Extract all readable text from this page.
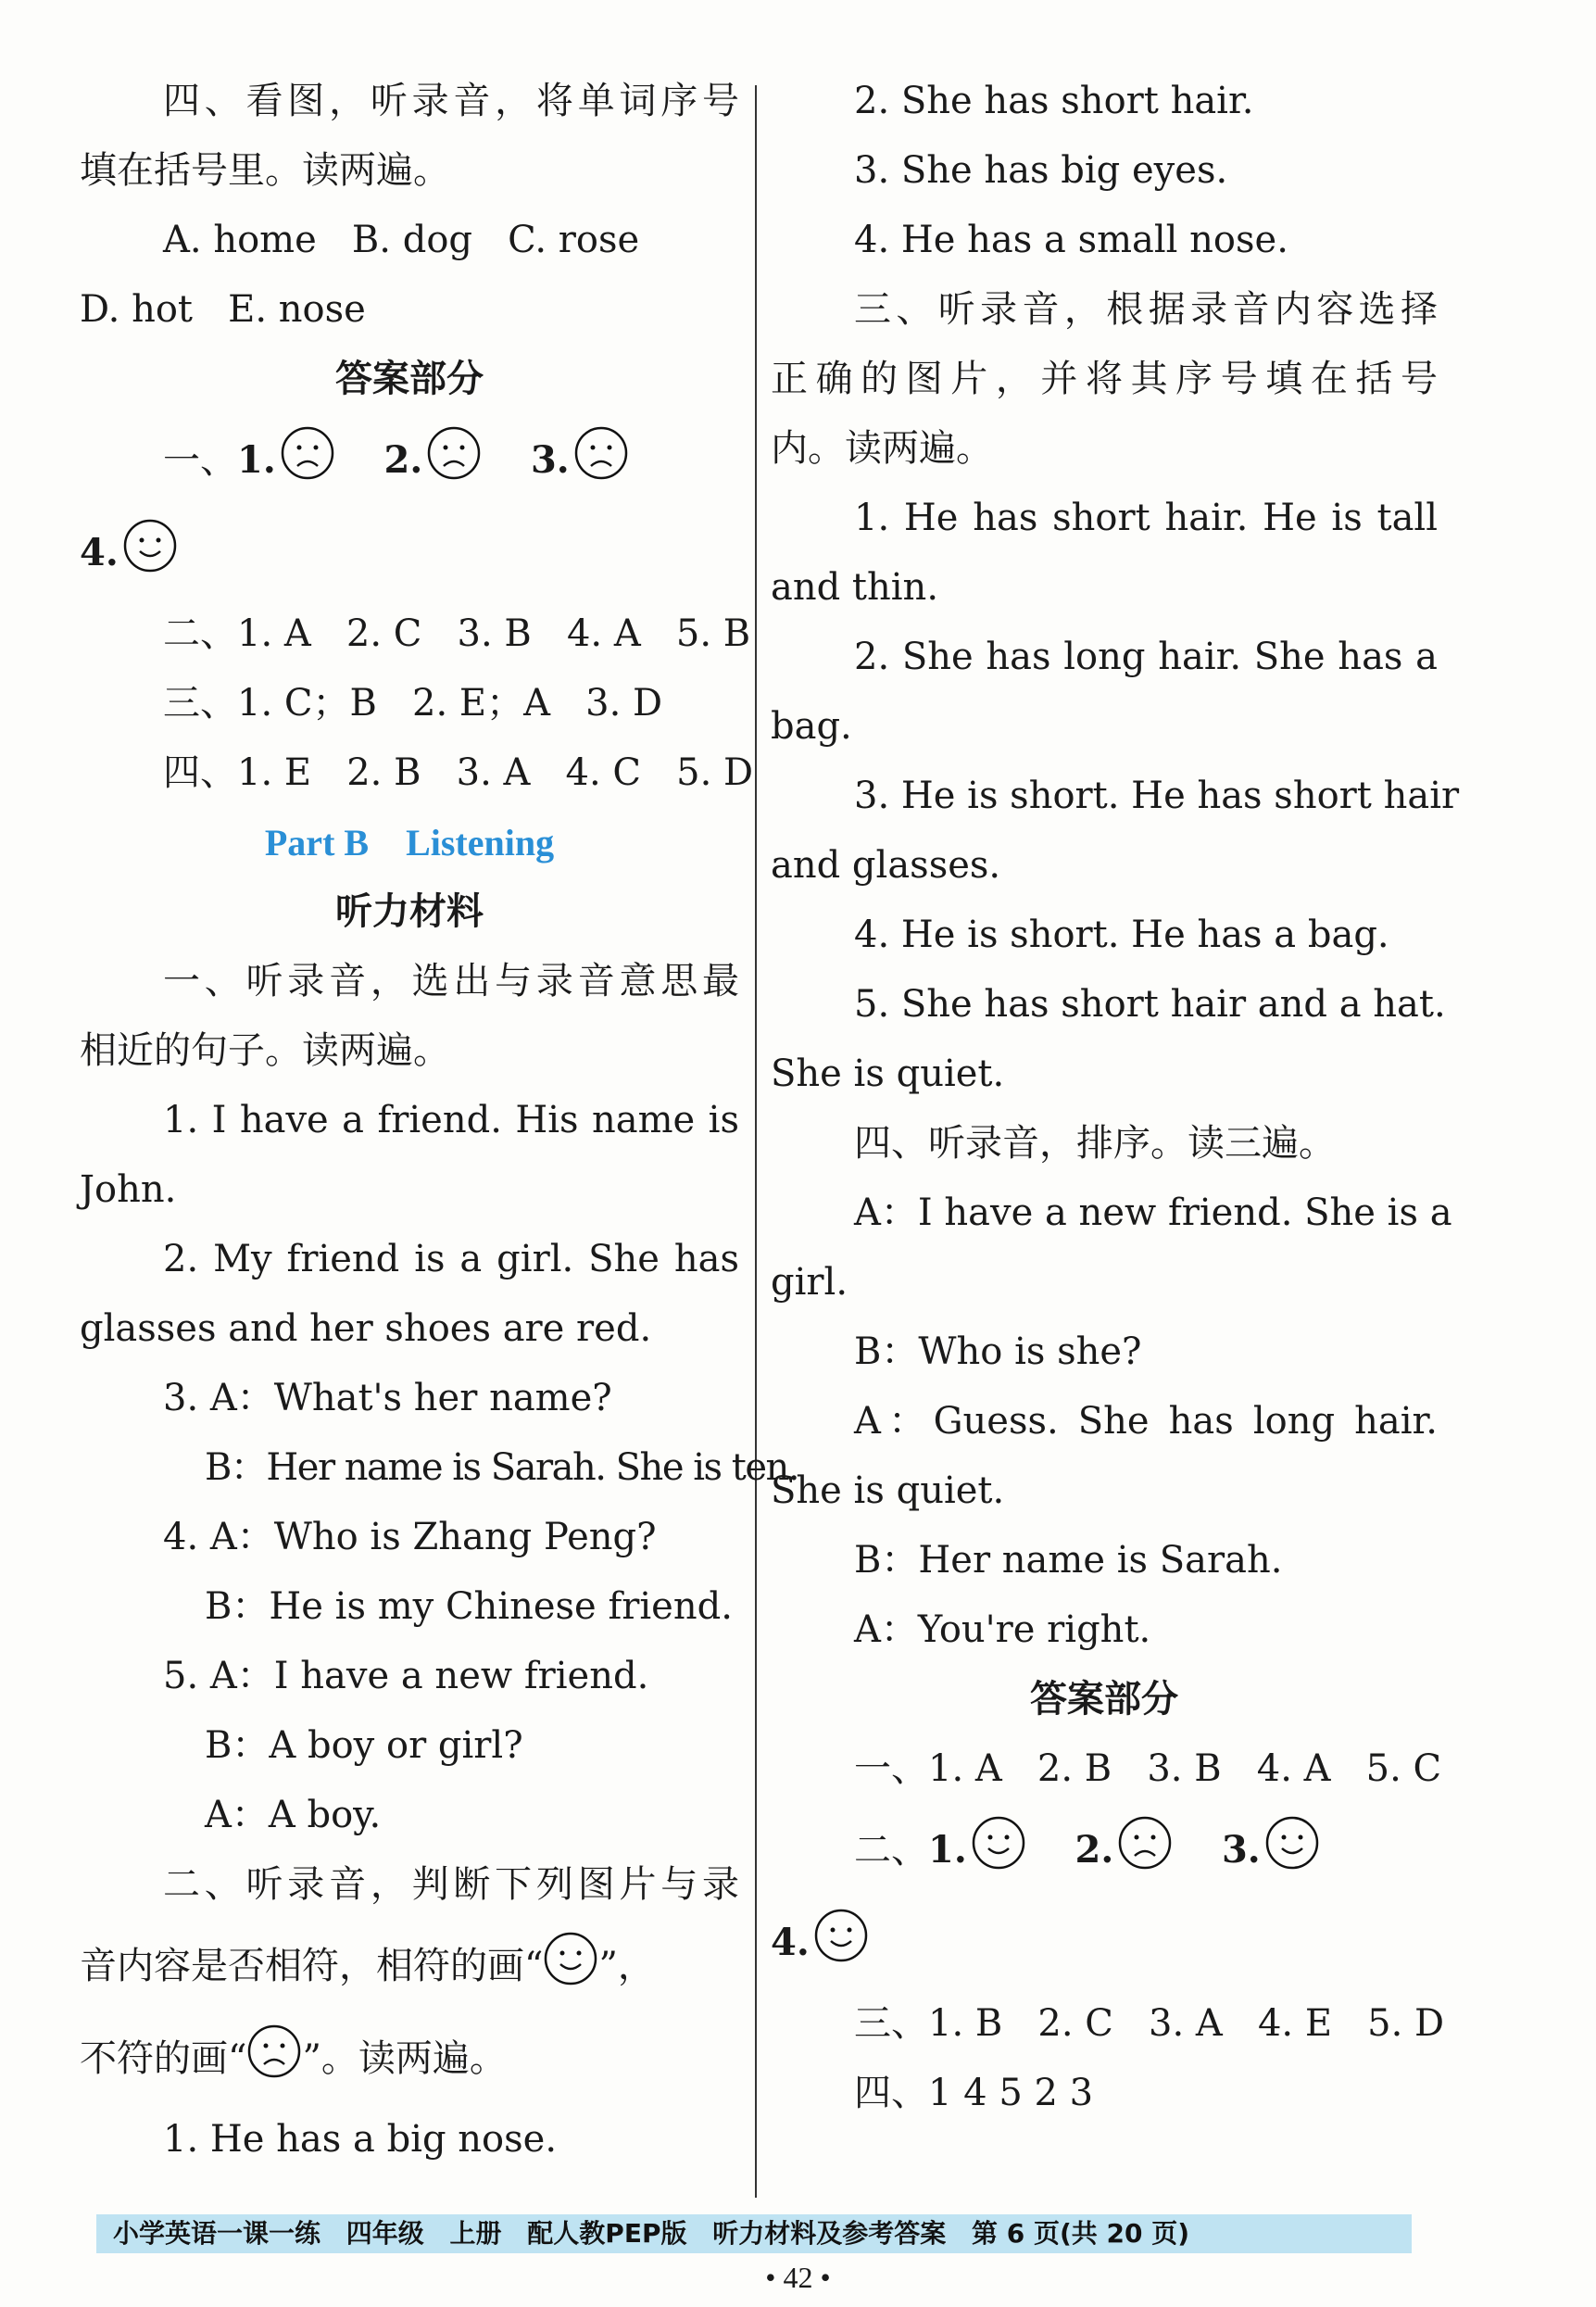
四、看图，听录音，将单词序号

填在括号里。读两遍。

A. home   B. dog   C. rose

D. hot   E. nose

答案部分

一、1.	2.	3.

4.

二、1. A   2. C   3. B   4. A   5. B

三、1. C；B   2. E；A   3. D

四、1. E   2. B   3. A   4. C   5. D

Part B    Listening

听力材料

一、听录音，选出与录音意思最

相近的句子。读两遍。

1. I have a friend. His name is

John.

2. My friend is a girl. She has

glasses and her shoes are red.

3. A：What's her name?

B：Her name is Sarah. She is ten.

4. A：Who is Zhang Peng?

B：He is my Chinese friend.

5. A：I have a new friend.

B：A boy or girl?

A：A boy.

二、听录音，判断下列图片与录

音内容是否相符，相符的画“ ”，

不符的画“ ”。读两遍。

1. He has a big nose.

2. She has short hair.

3. She has big eyes.

4. He has a small nose.

三、听录音，根据录音内容选择

正确的图片，并将其序号填在括号

内。读两遍。

1. He has short hair. He is tall

and thin.

2. She has long hair. She has a

bag.

3. He is short. He has short hair

and glasses.

4. He is short. He has a bag.

5. She has short hair and a hat.

She is quiet.

四、听录音，排序。读三遍。

A：I have a new friend. She is a

girl.

B：Who is she?

A：Guess. She has long hair.

She is quiet.

B：Her name is Sarah.

A：You're right.

答案部分

一、1. A   2. B   3. B   4. A   5. C

二、1.	2.	3.

4.

三、1. B   2. C   3. A   4. E   5. D

四、1 4 5 2 3

小学英语一课一练 四年级 上册 配人教PEP版 听力材料及参考答案 第 6 页(共 20 页)
• 42 •
